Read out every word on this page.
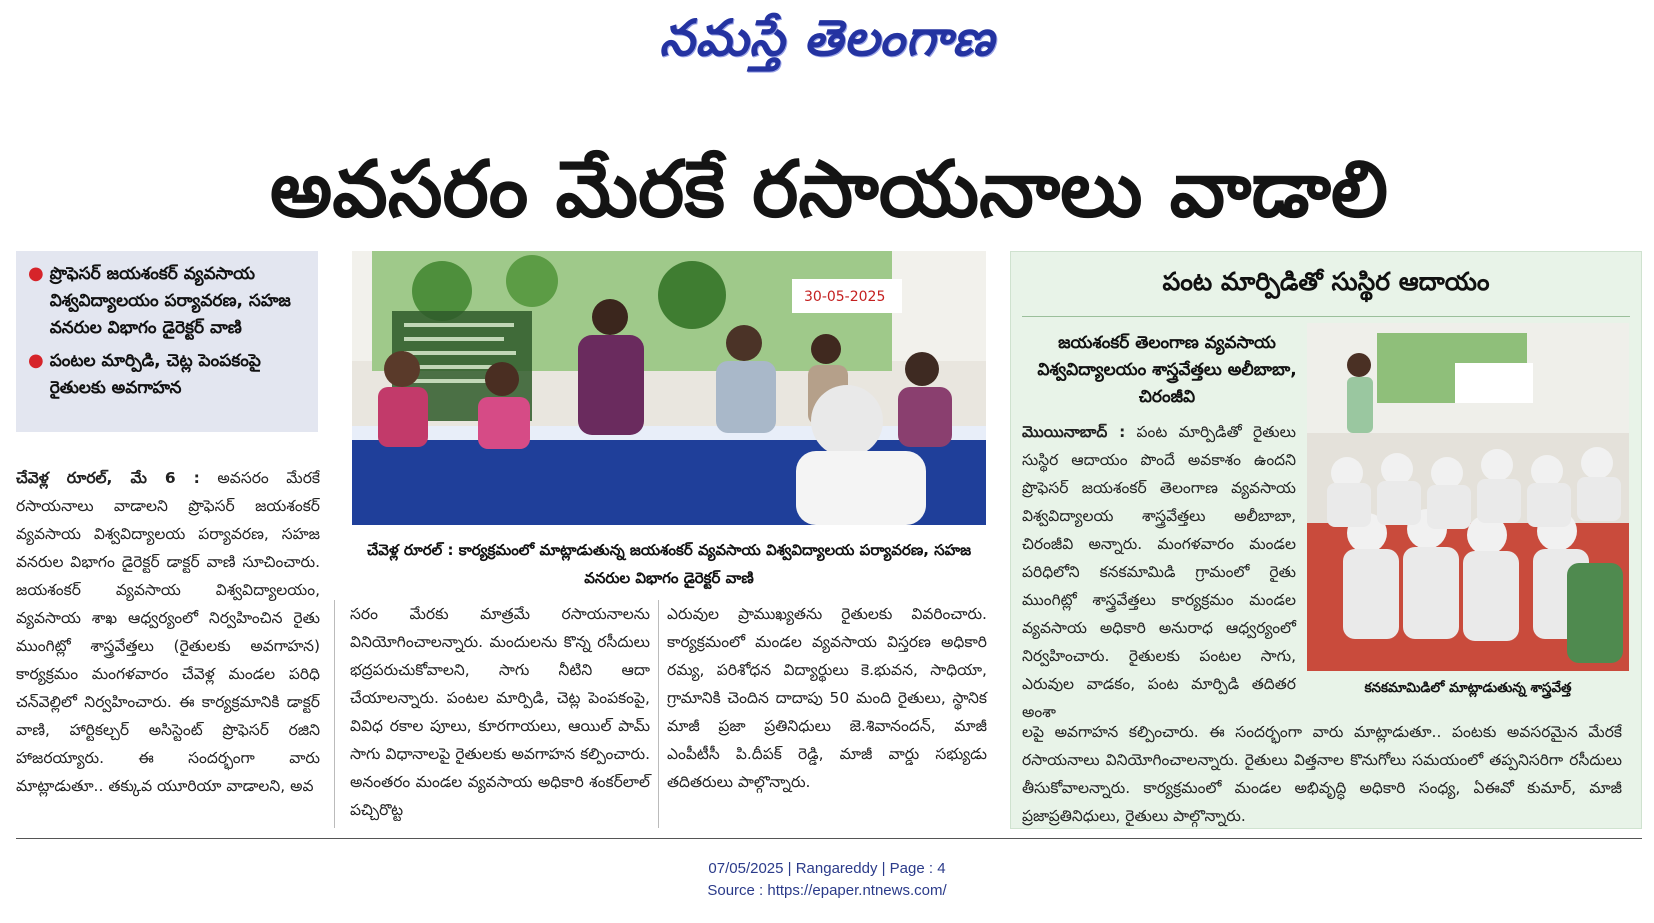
నమస్తే తెలంగాణ
అవసరం మేరకే రసాయనాలు వాడాలి
● ప్రొఫెసర్ జయశంకర్ వ్యవసాయ విశ్వవిద్యాలయం పర్యావరణ, సహజ వనరుల విభాగం డైరెక్టర్ వాణి
● పంటల మార్పిడి, చెట్ల పెంపకంపై రైతులకు అవగాహన
30-05-2025
చేవెళ్ల రూరల్ : కార్యక్రమంలో మాట్లాడుతున్న జయశంకర్ వ్యవసాయ విశ్వవిద్యాలయ పర్యావరణ, సహజ వనరుల విభాగం డైరెక్టర్ వాణి
చేవెళ్ల రూరల్, మే 6 : అవసరం మేరకే రసాయనాలు వాడాలని ప్రొఫెసర్ జయశంకర్ వ్యవసాయ విశ్వవిద్యాలయ పర్యావరణ, సహజ వనరుల విభాగం డైరెక్టర్ డాక్టర్ వాణి సూచించారు. జయశంకర్ వ్యవసాయ విశ్వవిద్యాలయం, వ్యవసాయ శాఖ ఆధ్వర్యంలో నిర్వహించిన రైతు ముంగిట్లో శాస్త్రవేత్తలు (రైతులకు అవగాహన) కార్యక్రమం మంగళవారం చేవెళ్ల మండల పరిధి చన్‌వెల్లిలో నిర్వహించారు. ఈ కార్యక్రమానికి డాక్టర్ వాణి, హార్టికల్చర్ అసిస్టెంట్ ప్రొఫెసర్ రజిని హాజరయ్యారు. ఈ సందర్భంగా వారు మాట్లాడుతూ.. తక్కువ యూరియా వాడాలని, అవ
సరం మేరకు మాత్రమే రసాయనాలను వినియోగించాలన్నారు. మందులను కొన్న రసీదులు భద్రపరుచుకోవాలని, సాగు నీటిని ఆదా చేయాలన్నారు. పంటల మార్పిడి, చెట్ల పెంపకంపై, వివిధ రకాల పూలు, కూరగాయలు, ఆయిల్ పామ్ సాగు విధానాలపై రైతులకు అవగాహన కల్పించారు. అనంతరం మండల వ్యవసాయ అధికారి శంకర్‌లాల్ పచ్చిరొట్ట
ఎరువుల ప్రాముఖ్యతను రైతులకు వివరించారు. కార్యక్రమంలో మండల వ్యవసాయ విస్తరణ అధికారి రమ్య, పరిశోధన విద్యార్థులు కె.భువన, సాధియా, గ్రామానికి చెందిన దాదాపు 50 మంది రైతులు, స్థానిక మాజీ ప్రజా ప్రతినిధులు జె.శివానందన్, మాజీ ఎంపీటీసీ పి.దీపక్ రెడ్డి, మాజీ వార్డు సభ్యుడు తదితరులు పాల్గొన్నారు.
పంట మార్పిడితో సుస్థిర ఆదాయం
జయశంకర్ తెలంగాణ వ్యవసాయ విశ్వవిద్యాలయం శాస్త్రవేత్తలు అలీబాబా, చిరంజీవి
కనకమామిడిలో మాట్లాడుతున్న శాస్త్రవేత్త
మొయినాబాద్ : పంట మార్పిడితో రైతులు సుస్థిర ఆదాయం పొందే అవకాశం ఉందని ప్రొఫెసర్ జయశంకర్ తెలంగాణ వ్యవసాయ విశ్వవిద్యాలయ శాస్త్రవేత్తలు అలీబాబా, చిరంజీవి అన్నారు. మంగళవారం మండల పరిధిలోని కనకమామిడి గ్రామంలో రైతు ముంగిట్లో శాస్త్రవేత్తలు కార్యక్రమం మండల వ్యవసాయ అధికారి అనురాధ ఆధ్వర్యంలో నిర్వహించారు. రైతులకు పంటల సాగు, ఎరువుల వాడకం, పంట మార్పిడి తదితర అంశా
లపై అవగాహన కల్పించారు. ఈ సందర్భంగా వారు మాట్లాడుతూ.. పంటకు అవసరమైన మేరకే రసాయనాలు వినియోగించాలన్నారు. రైతులు విత్తనాల కొనుగోలు సమయంలో తప్పనిసరిగా రసీదులు తీసుకోవాలన్నారు. కార్యక్రమంలో మండల అభివృద్ధి అధికారి సంధ్య, ఏఈవో కుమార్, మాజీ ప్రజాప్రతినిధులు, రైతులు పాల్గొన్నారు.
07/05/2025 | Rangareddy | Page : 4
Source : https://epaper.ntnews.com/
